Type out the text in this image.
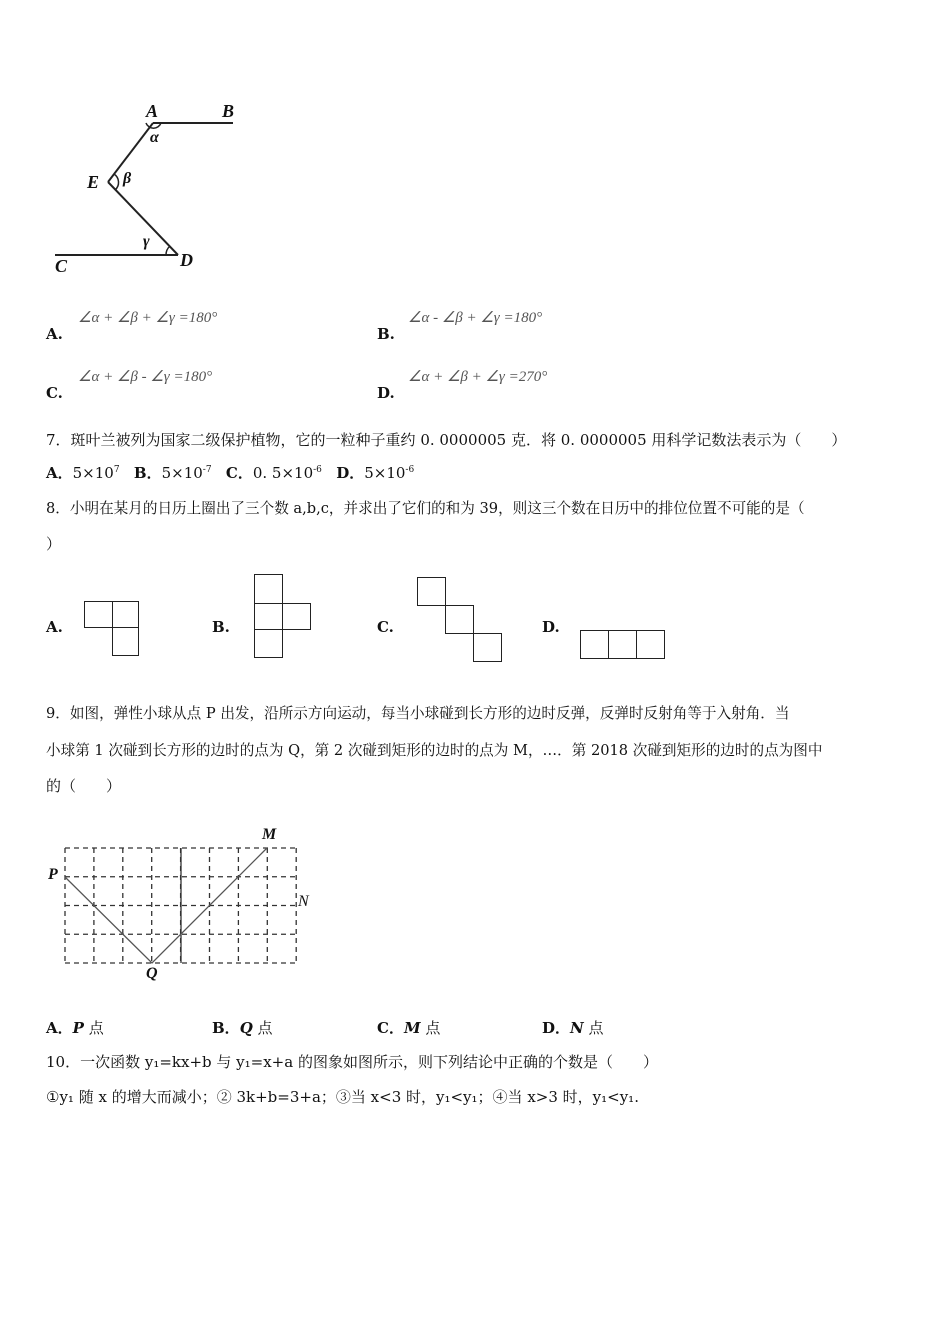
A	B
α
E β
γ
C	D
A.
∠α + ∠β + ∠γ =180°
B.
∠α - ∠β + ∠γ =180°
C.
∠α + ∠β - ∠γ =180°
D.
∠α + ∠β + ∠γ =270°
7．斑叶兰被列为国家二级保护植物，它的一粒种子重约 0. 0000005 克．将 0. 0000005 用科学记数法表示为（　　）
A．$5\times 10^7$ B．$5\times 10^{-7}$ C．0. $5\times 10^{-6}$ D．$5\times 10^{-6}$
8．小明在某月的日历上圈出了三个数 a,b,c，并求出了它们的和为 39，则这三个数在日历中的排位位置不可能的是（
）
A.	B.	C.	D.
9．如图，弹性小球从点 P 出发，沿所示方向运动，每当小球碰到长方形的边时反弹，反弹时反射角等于入射角．当
小球第 1 次碰到长方形的边时的点为 Q，第 2 次碰到矩形的边时的点为 M，…．第 2018 次碰到矩形的边时的点为图中
的（　　）
P
Q
M
N
A．P 点	B．Q 点	C．M 点	D．N 点
10．一次函数 y₁=kx+b 与 y₁=x+a 的图象如图所示，则下列结论中正确的个数是（　　）
①y₁ 随 x 的增大而减小；② 3k+b=3+a；③当 x<3 时，y₁<y₁；④当 x>3 时，y₁<y₁.
